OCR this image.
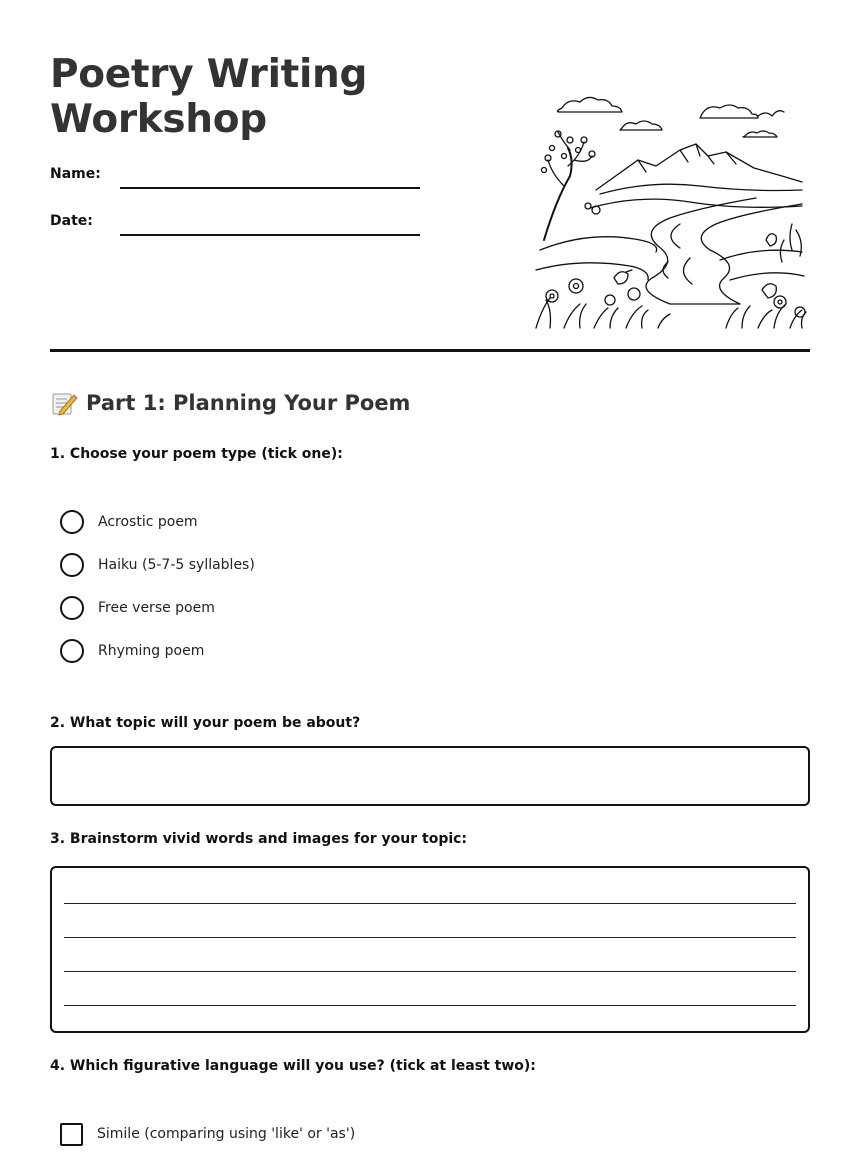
Poetry Writing
Workshop
Name:
Date:
Part 1: Planning Your Poem

1. Choose your poem type (tick one):

Acrostic poem
Haiku (5-7-5 syllables)
Free verse poem
Rhyming poem

2. What topic will your poem be about?

3. Brainstorm vivid words and images for your topic:

4. Which figurative language will you use? (tick at least two):

Simile (comparing using 'like' or 'as')
